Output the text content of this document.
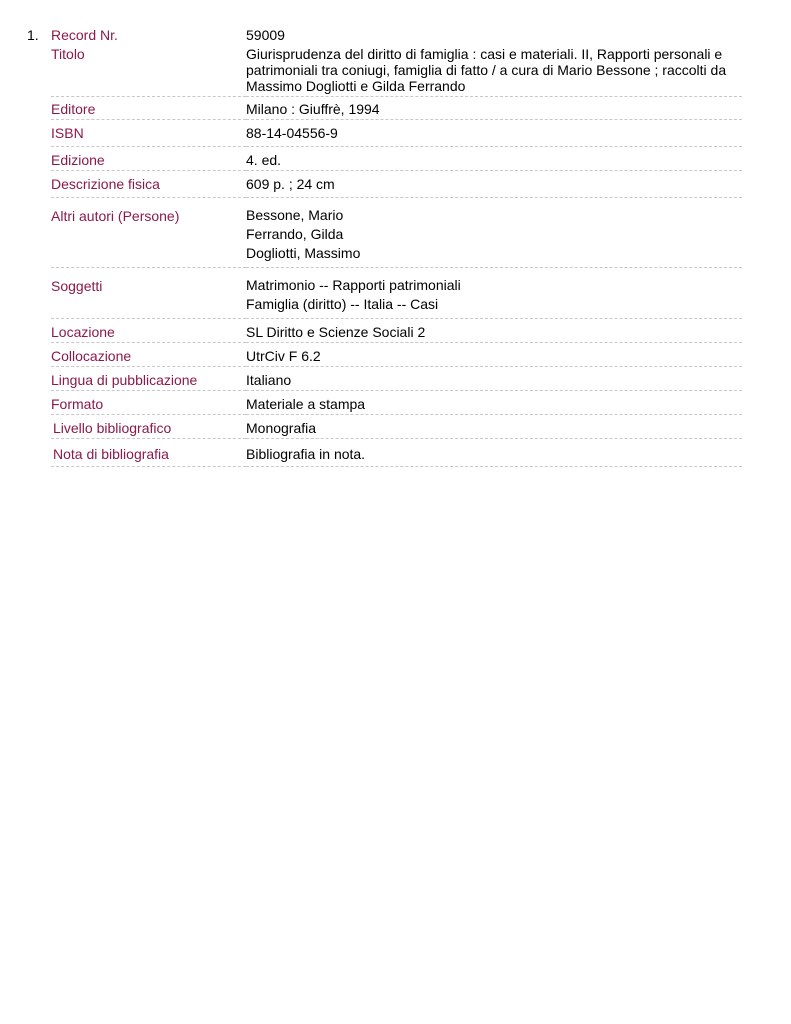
1. Record Nr.	59009

Titolo	Giurisprudenza del diritto di famiglia : casi e materiali. II, Rapporti personali e patrimoniali tra coniugi, famiglia di fatto / a cura di Mario Bessone ; raccolti da Massimo Dogliotti e Gilda Ferrando

Editore	Milano : Giuffrè, 1994

ISBN	88-14-04556-9

Edizione	4. ed.

Descrizione fisica	609 p. ; 24 cm

Altri autori (Persone)	Bessone, Mario
Ferrando, Gilda
Dogliotti, Massimo

Soggetti	Matrimonio -- Rapporti patrimoniali
Famiglia (diritto) -- Italia -- Casi

Locazione	SL Diritto e Scienze Sociali 2

Collocazione	UtrCiv F 6.2

Lingua di pubblicazione	Italiano

Formato	Materiale a stampa

Livello bibliografico	Monografia

Nota di bibliografia	Bibliografia in nota.
